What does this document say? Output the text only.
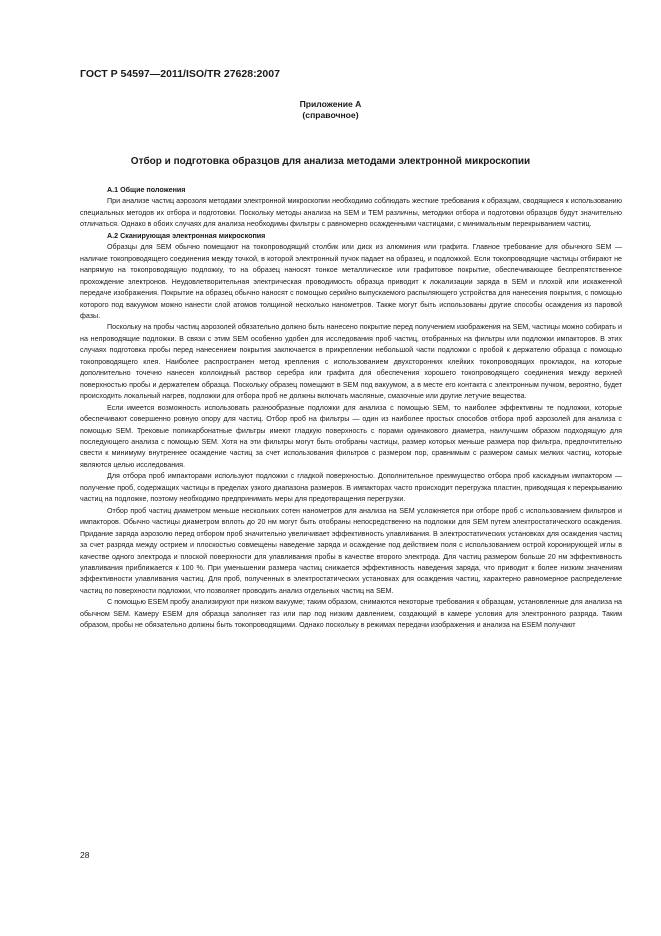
ГОСТ Р 54597—2011/ISO/TR 27628:2007
Приложение А
(справочное)
Отбор и подготовка образцов для анализа методами электронной микроскопии
А.1 Общие положения

При анализе частиц аэрозоля методами электронной микроскопии необходимо соблюдать жесткие требования к образцам, сводящиеся к использованию специальных методов их отбора и подготовки. Поскольку методы анализа на SEM и TEM различны, методики отбора и подготовки образцов будут значительно отличаться. Однако в обоих случаях для анализа необходимы фильтры с равномерно осажденными частицами, с минимальным перекрыванием частиц.

А.2 Сканирующая электронная микроскопия

Образцы для SEM обычно помещают на токопроводящий столбик или диск из алюминия или графита. Главное требование для обычного SEM — наличие токопроводящего соединения между точкой, в которой электронный пучок падает на образец, и подложкой. Если токопроводящие частицы отбирают не напрямую на токопроводящую подложку, то на образец наносят тонкое металлическое или графитовое покрытие, обеспечивающее беспрепятственное прохождение электронов. Неудовлетворительная электрическая проводимость образца приводит к локализации заряда в SEM и плохой или искаженной передаче изображения. Покрытие на образец обычно наносят с помощью серийно выпускаемого распыляющего устройства для нанесения покрытия, с помощью которого под вакуумом можно нанести слой атомов толщиной несколько нанометров. Также могут быть использованы другие способы осаждения из паровой фазы.

Поскольку на пробы частиц аэрозолей обязательно должно быть нанесено покрытие перед получением изображения на SEM, частицы можно собирать и на непроводящие подложки. В связи с этим SEM особенно удобен для исследования проб частиц, отобранных на фильтры или подложки импакторов. В этих случаях подготовка пробы перед нанесением покрытия заключается в прикреплении небольшой части подложки с пробой к держателю образца с помощью токопроводящего клея. Наиболее распространен метод крепления с использованием двухсторонних клейких токопроводящих прокладок, на которые дополнительно точечно нанесен коллоидный раствор серебра или графита для обеспечения хорошего токопроводящего соединения между верхней поверхностью пробы и держателем образца. Поскольку образец помещают в SEM под вакуумом, а в месте его контакта с электронным пучком, вероятно, будет происходить локальный нагрев, подложки для отбора проб не должны включать масляные, смазочные или другие летучие вещества.

Если имеется возможность использовать разнообразные подложки для анализа с помощью SEM, то наиболее эффективны те подложки, которые обеспечивают совершенно ровную опору для частиц. Отбор проб на фильтры — один из наиболее простых способов отбора проб аэрозолей для анализа с помощью SEM. Трековые поликарбонатные фильтры имеют гладкую поверхность с порами одинакового диаметра, наилучшим образом подходящую для последующего анализа с помощью SEM. Хотя на эти фильтры могут быть отобраны частицы, размер которых меньше размера пор фильтра, предпочтительно свести к минимуму внутреннее осаждение частиц за счет использования фильтров с размером пор, сравнимым с размером самых мелких частиц, которые являются целью исследования.

Для отбора проб импакторами используют подложки с гладкой поверхностью. Дополнительное преимущество отбора проб каскадным импактором — получение проб, содержащих частицы в пределах узкого диапазона размеров. В импакторах часто происходит перегрузка пластин, приводящая к перекрыванию частиц на подложке, поэтому необходимо предпринимать меры для предотвращения перегрузки.

Отбор проб частиц диаметром меньше нескольких сотен нанометров для анализа на SEM усложняется при отборе проб с использованием фильтров и импакторов. Обычно частицы диаметром вплоть до 20 нм могут быть отобраны непосредственно на подложки для SEM путем электростатического осаждения. Придание заряда аэрозолю перед отбором проб значительно увеличивает эффективность улавливания. В электростатических установках для осаждения частиц за счет разряда между острием и плоскостью совмещены наведение заряда и осаждение под действием поля с использованием острой коронирующей иглы в качестве одного электрода и плоской поверхности для улавливания пробы в качестве второго электрода. Для частиц размером больше 20 нм эффективность улавливания приближается к 100 %. При уменьшении размера частиц снижается эффективность наведения заряда, что приводит к более низким значениям эффективности улавливания частиц. Для проб, полученных в электростатических установках для осаждения частиц, характерно равномерное распределение частиц по поверхности подложки, что позволяет проводить анализ отдельных частиц на SEM.

С помощью ESEM пробу анализируют при низком вакууме; таким образом, снимаются некоторые требования к образцам, установленные для анализа на обычном SEM. Камеру ESEM для образца заполняет газ или пар под низким давлением, создающий в камере условия для электронного разряда. Таким образом, пробы не обязательно должны быть токопроводящими. Однако поскольку в режимах передачи изображения и анализа на ESEM получают

28
